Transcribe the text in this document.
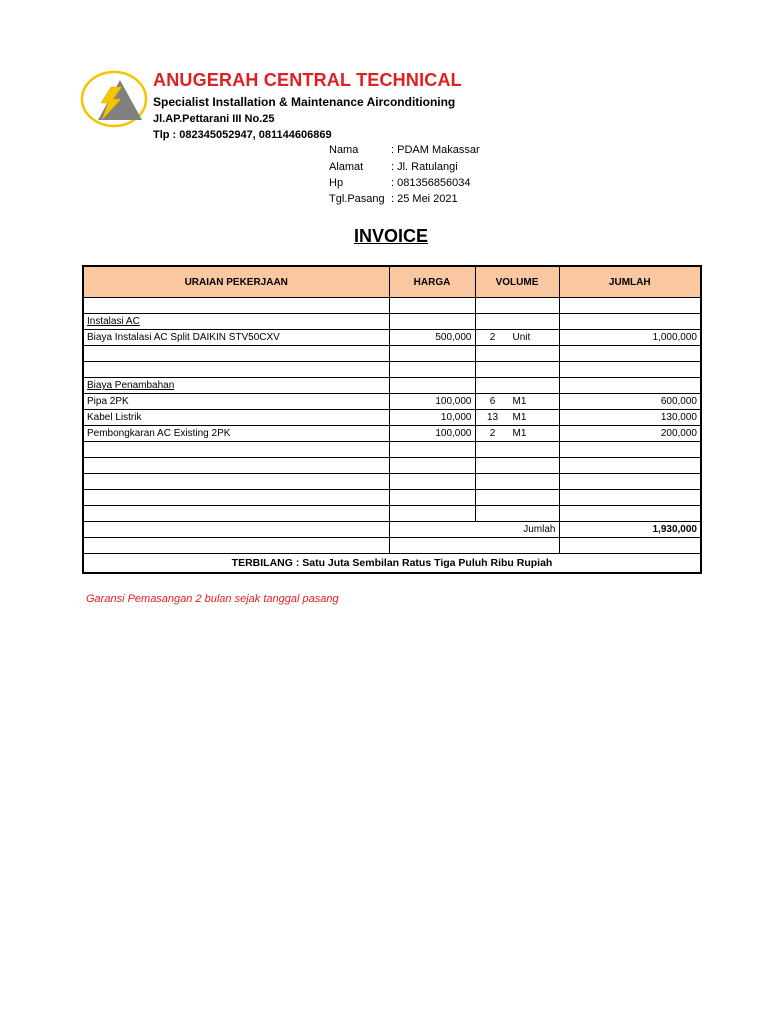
ANUGERAH CENTRAL TECHNICAL
Specialist Installation & Maintenance Airconditioning
Jl.AP.Pettarani III No.25
Tlp : 082345052947, 081144606869
Nama	: PDAM Makassar
Alamat	: Jl. Ratulangi
Hp	: 081356856034
Tgl.Pasang : 25 Mei 2021
INVOICE
URAIAN PEKERJAAN	HARGA	VOLUME	JUMLAH

Instalasi AC		

Biaya Instalasi AC Split DAIKIN STV50CXV	500,000	2 Unit	1,000,000

Biaya Penambahan		

Pipa 2PK	100,000	6 M1	600,000
Kabel Listrik	10,000	13 M1	130,000
Pembongkaran AC Existing 2PK	100,000	2 M1	200,000

	Jumlah		1,930,000

TERBILANG : Satu Juta Sembilan Ratus Tiga Puluh Ribu Rupiah			
Garansi Pemasangan 2 bulan sejak tanggal pasang
